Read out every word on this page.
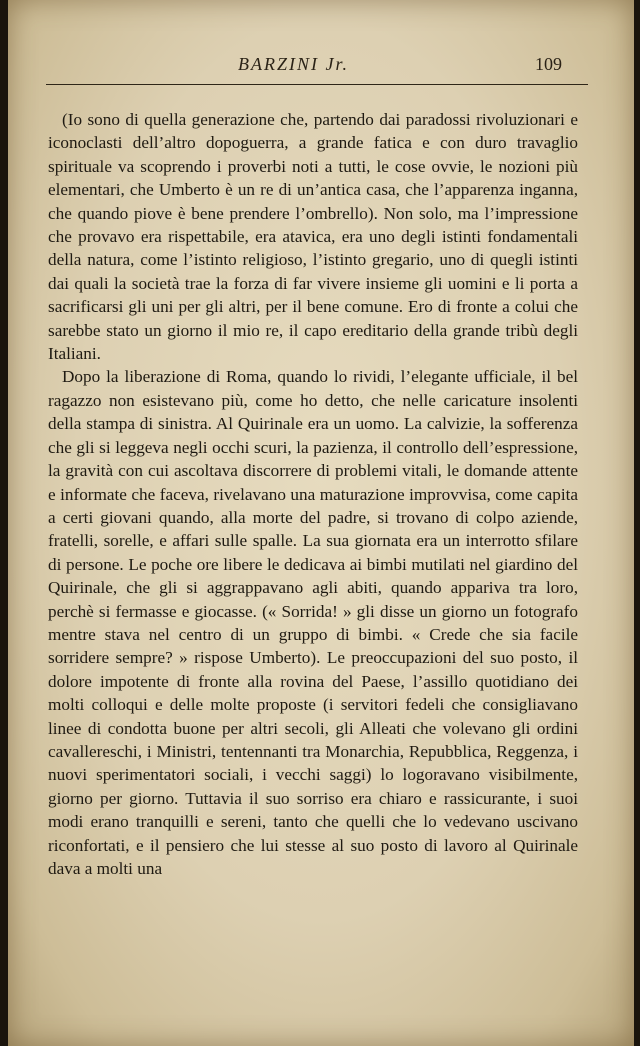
BARZINI Jr.	109

(Io sono di quella generazione che, partendo dai paradossi rivoluzionari e iconoclasti dell’altro dopoguerra, a grande fatica e con duro travaglio spirituale va scoprendo i proverbi noti a tutti, le cose ovvie, le nozioni più elementari, che Umberto è un re di un’antica casa, che l’apparenza inganna, che quando piove è bene prendere l’ombrello). Non solo, ma l’impressione che provavo era rispettabile, era atavica, era uno degli istinti fondamentali della natura, come l’istinto religioso, l’istinto gregario, uno di quegli istinti dai quali la società trae la forza di far vivere insieme gli uomini e li porta a sacrificarsi gli uni per gli altri, per il bene comune. Ero di fronte a colui che sarebbe stato un giorno il mio re, il capo ereditario della grande tribù degli Italiani.

Dopo la liberazione di Roma, quando lo rividi, l’elegante ufficiale, il bel ragazzo non esistevano più, come ho detto, che nelle caricature insolenti della stampa di sinistra. Al Quirinale era un uomo. La calvizie, la sofferenza che gli si leggeva negli occhi scuri, la pazienza, il controllo dell’espressione, la gravità con cui ascoltava discorrere di problemi vitali, le domande attente e informate che faceva, rivelavano una maturazione improvvisa, come capita a certi giovani quando, alla morte del padre, si trovano di colpo aziende, fratelli, sorelle, e affari sulle spalle. La sua giornata era un interrotto sfilare di persone. Le poche ore libere le dedicava ai bimbi mutilati nel giardino del Quirinale, che gli si aggrappavano agli abiti, quando appariva tra loro, perchè si fermasse e giocasse. (« Sorrida! » gli disse un giorno un fotografo mentre stava nel centro di un gruppo di bimbi. « Crede che sia facile sorridere sempre? » rispose Umberto). Le preoccupazioni del suo posto, il dolore impotente di fronte alla rovina del Paese, l’assillo quotidiano dei molti colloqui e delle molte proposte (i servitori fedeli che consigliavano linee di condotta buone per altri secoli, gli Alleati che volevano gli ordini cavallereschi, i Ministri, tentennanti tra Monarchia, Repubblica, Reggenza, i nuovi sperimentatori sociali, i vecchi saggi) lo logoravano visibilmente, giorno per giorno. Tuttavia il suo sorriso era chiaro e rassicurante, i suoi modi erano tranquilli e sereni, tanto che quelli che lo vedevano uscivano riconfortati, e il pensiero che lui stesse al suo posto di lavoro al Quirinale dava a molti una
